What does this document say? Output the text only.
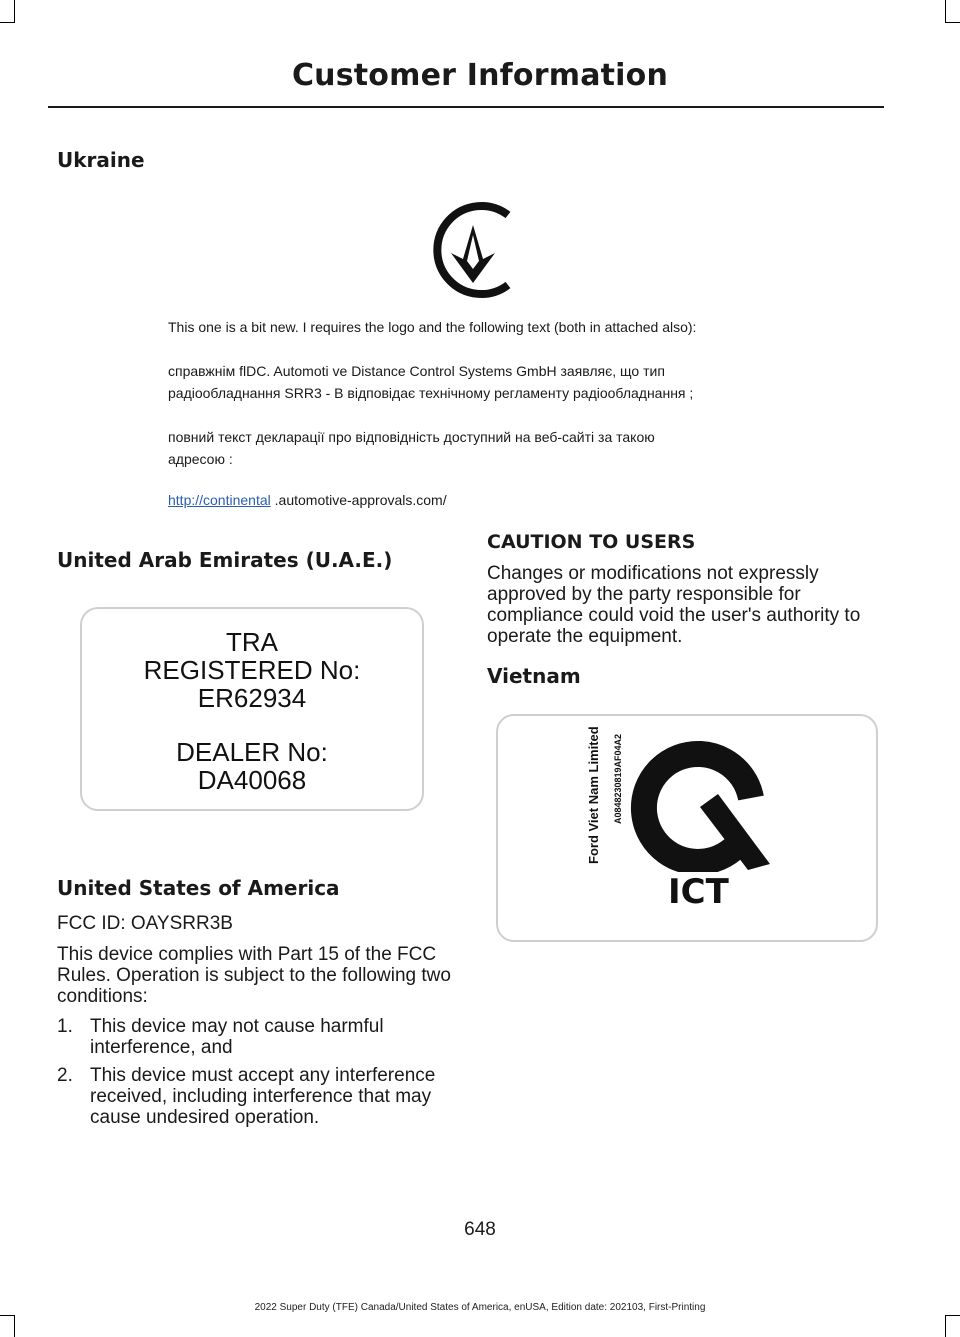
Customer Information
Ukraine

This one is a bit new. I requires the logo and the following text (both in attached also):

справжнім ﬂDC. Automoti ve Distance Control Systems GmbH заявляє, що тип

радіообладнання SRR3 - B відповідає технічному регламенту радіообладнання ;

повний текст декларації про відповідність доступний на веб-сайті за такою

адресою :

http://continental .automotive-approvals.com/

United Arab Emirates (U.A.E.)
TRA
REGISTERED No:
ER62934
DEALER No:
DA40068
United States of America

FCC ID: OAYSRR3B

This device complies with Part 15 of the FCC Rules. Operation is subject to the following two conditions:

1. This device may not cause harmful interference, and
2. This device must accept any interference received, including interference that may cause undesired operation.
CAUTION TO USERS

Changes or modifications not expressly approved by the party responsible for compliance could void the user's authority to operate the equipment.

Vietnam
Ford Viet Nam Limited A0848230819AF04A2
ICT
648
2022 Super Duty (TFE) Canada/United States of America, enUSA, Edition date: 202103, First-Printing
